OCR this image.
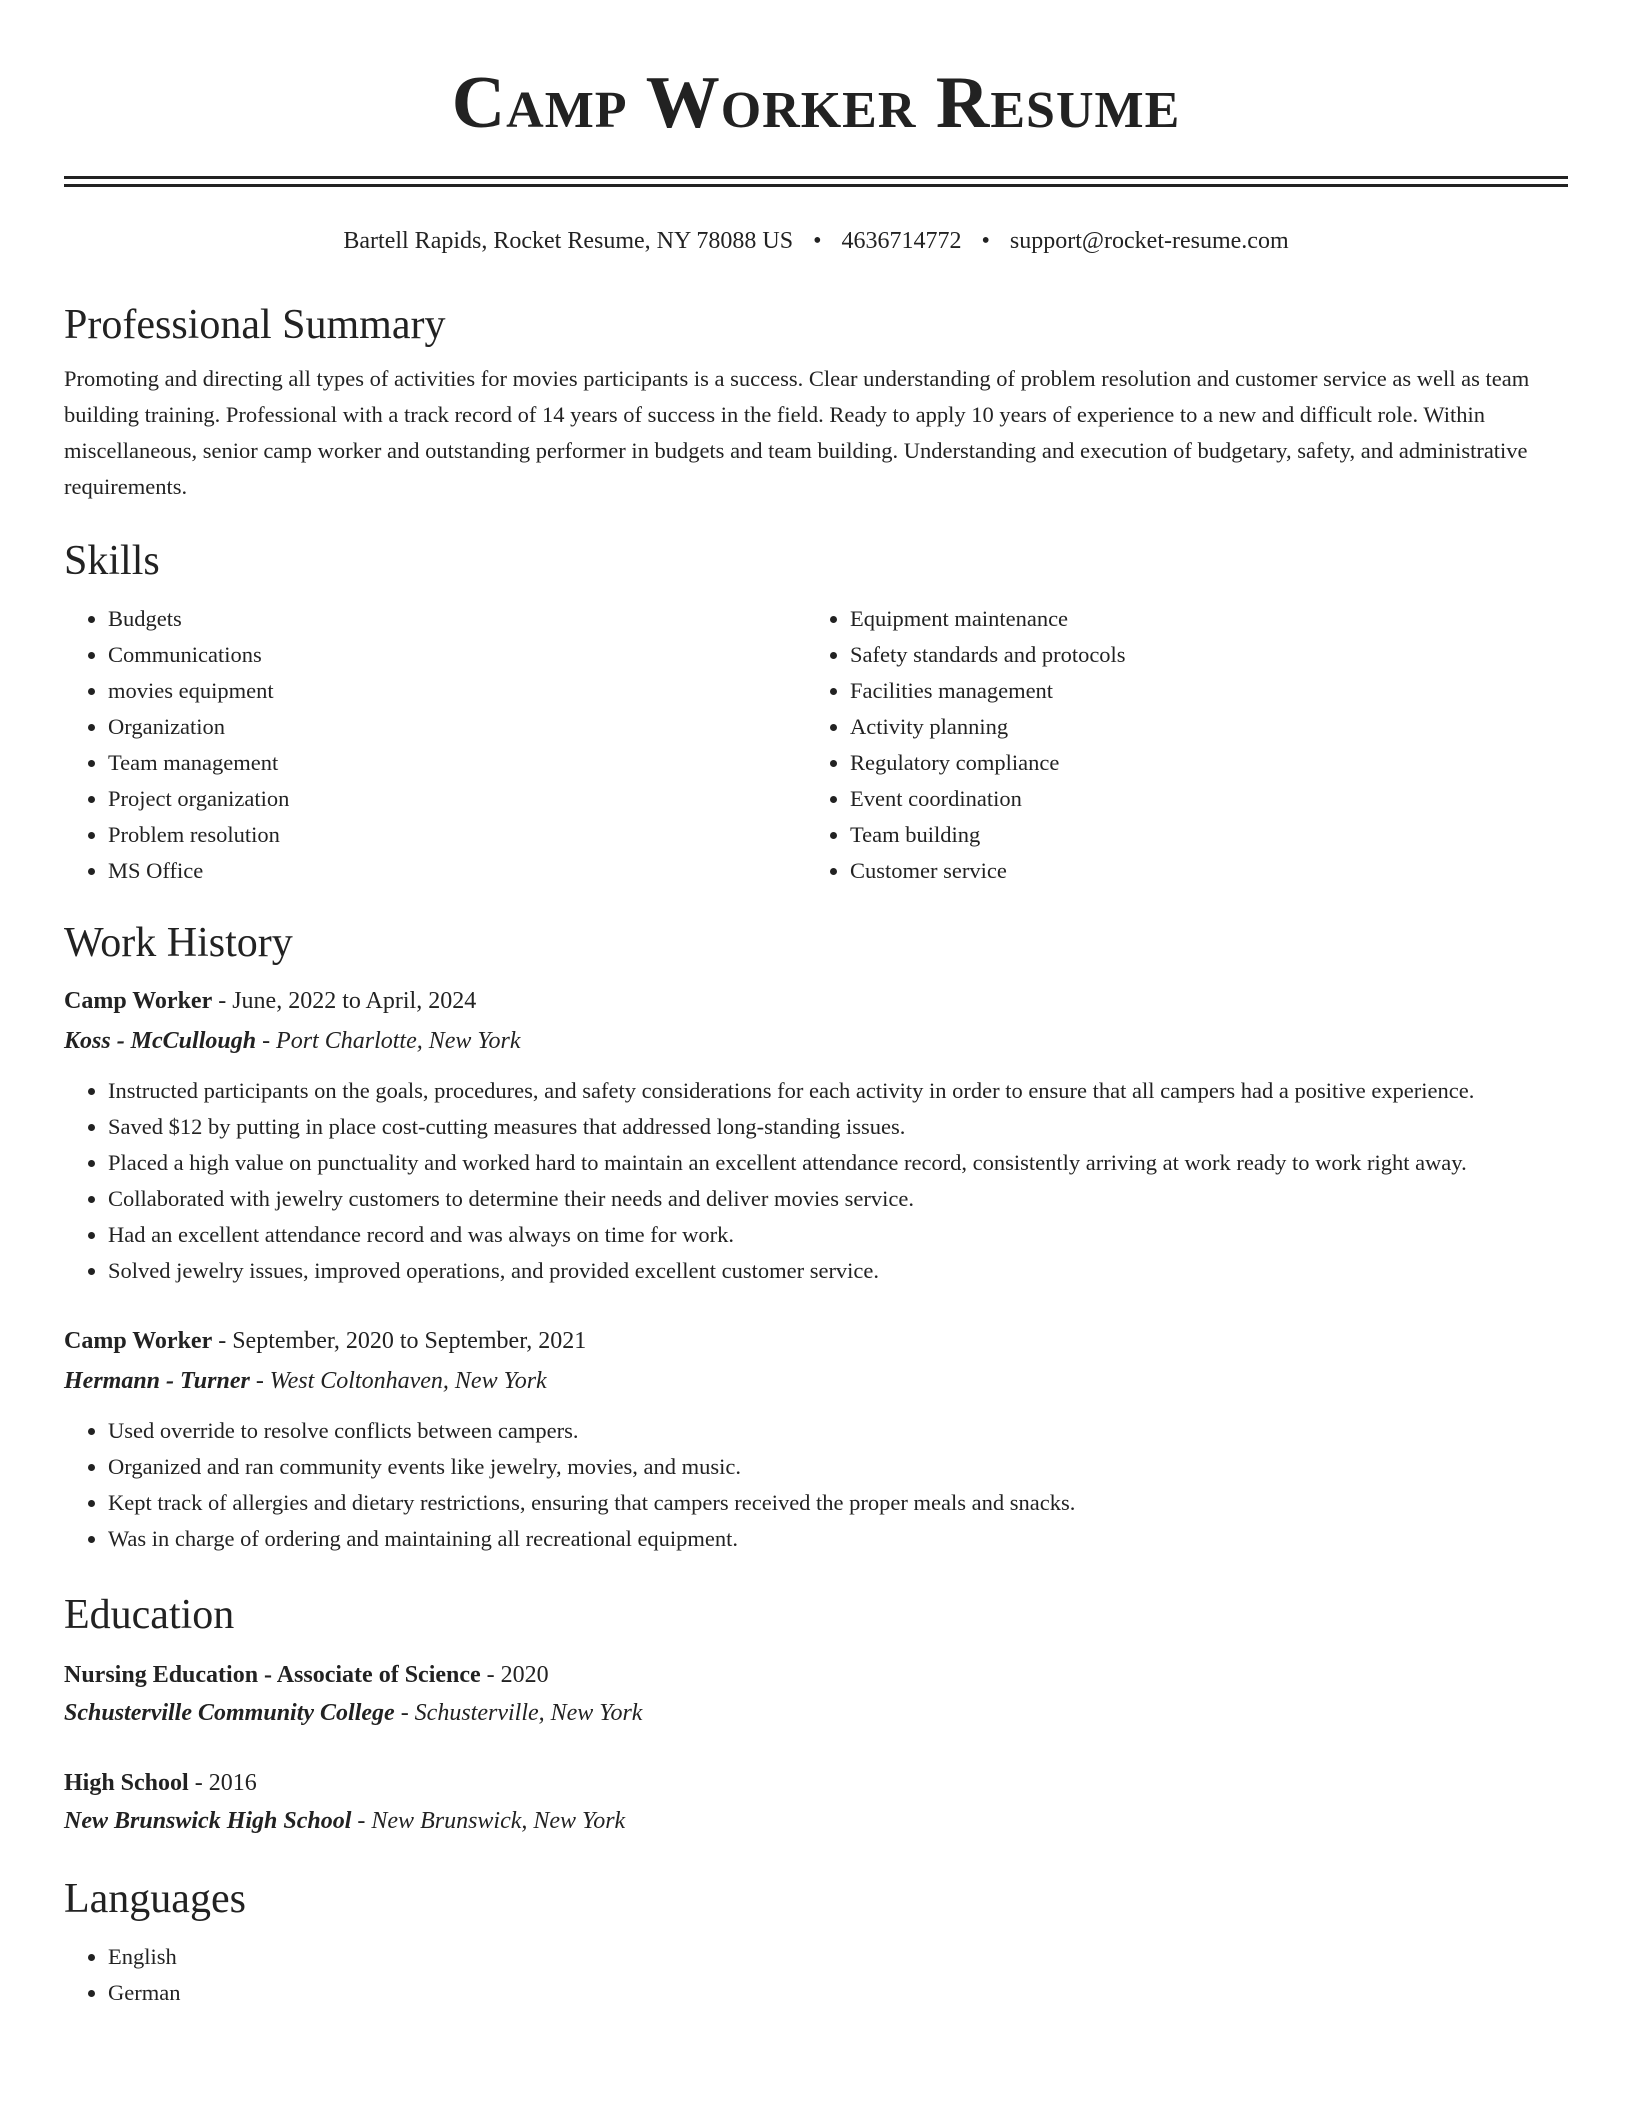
Camp Worker Resume
Bartell Rapids, Rocket Resume, NY 78088 US • 4636714772 • support@rocket-resume.com
Professional Summary

Promoting and directing all types of activities for movies participants is a success. Clear understanding of problem resolution and customer service as well as team building training. Professional with a track record of 14 years of success in the field. Ready to apply 10 years of experience to a new and difficult role. Within miscellaneous, senior camp worker and outstanding performer in budgets and team building. Understanding and execution of budgetary, safety, and administrative requirements.

Skills
• Budgets
• Communications
• movies equipment
• Organization
• Team management
• Project organization
• Problem resolution
• MS Office
• Equipment maintenance
• Safety standards and protocols
• Facilities management
• Activity planning
• Regulatory compliance
• Event coordination
• Team building
• Customer service
Work History
Camp Worker - June, 2022 to April, 2024
Koss - McCullough - Port Charlotte, New York
• Instructed participants on the goals, procedures, and safety considerations for each activity in order to ensure that all campers had a positive experience.
• Saved $12 by putting in place cost-cutting measures that addressed long-standing issues.
• Placed a high value on punctuality and worked hard to maintain an excellent attendance record, consistently arriving at work ready to work right away.
• Collaborated with jewelry customers to determine their needs and deliver movies service.
• Had an excellent attendance record and was always on time for work.
• Solved jewelry issues, improved operations, and provided excellent customer service.
Camp Worker - September, 2020 to September, 2021
Hermann - Turner - West Coltonhaven, New York
• Used override to resolve conflicts between campers.
• Organized and ran community events like jewelry, movies, and music.
• Kept track of allergies and dietary restrictions, ensuring that campers received the proper meals and snacks.
• Was in charge of ordering and maintaining all recreational equipment.
Education
Nursing Education - Associate of Science - 2020
Schusterville Community College - Schusterville, New York
High School - 2016
New Brunswick High School - New Brunswick, New York
Languages
• English
• German
